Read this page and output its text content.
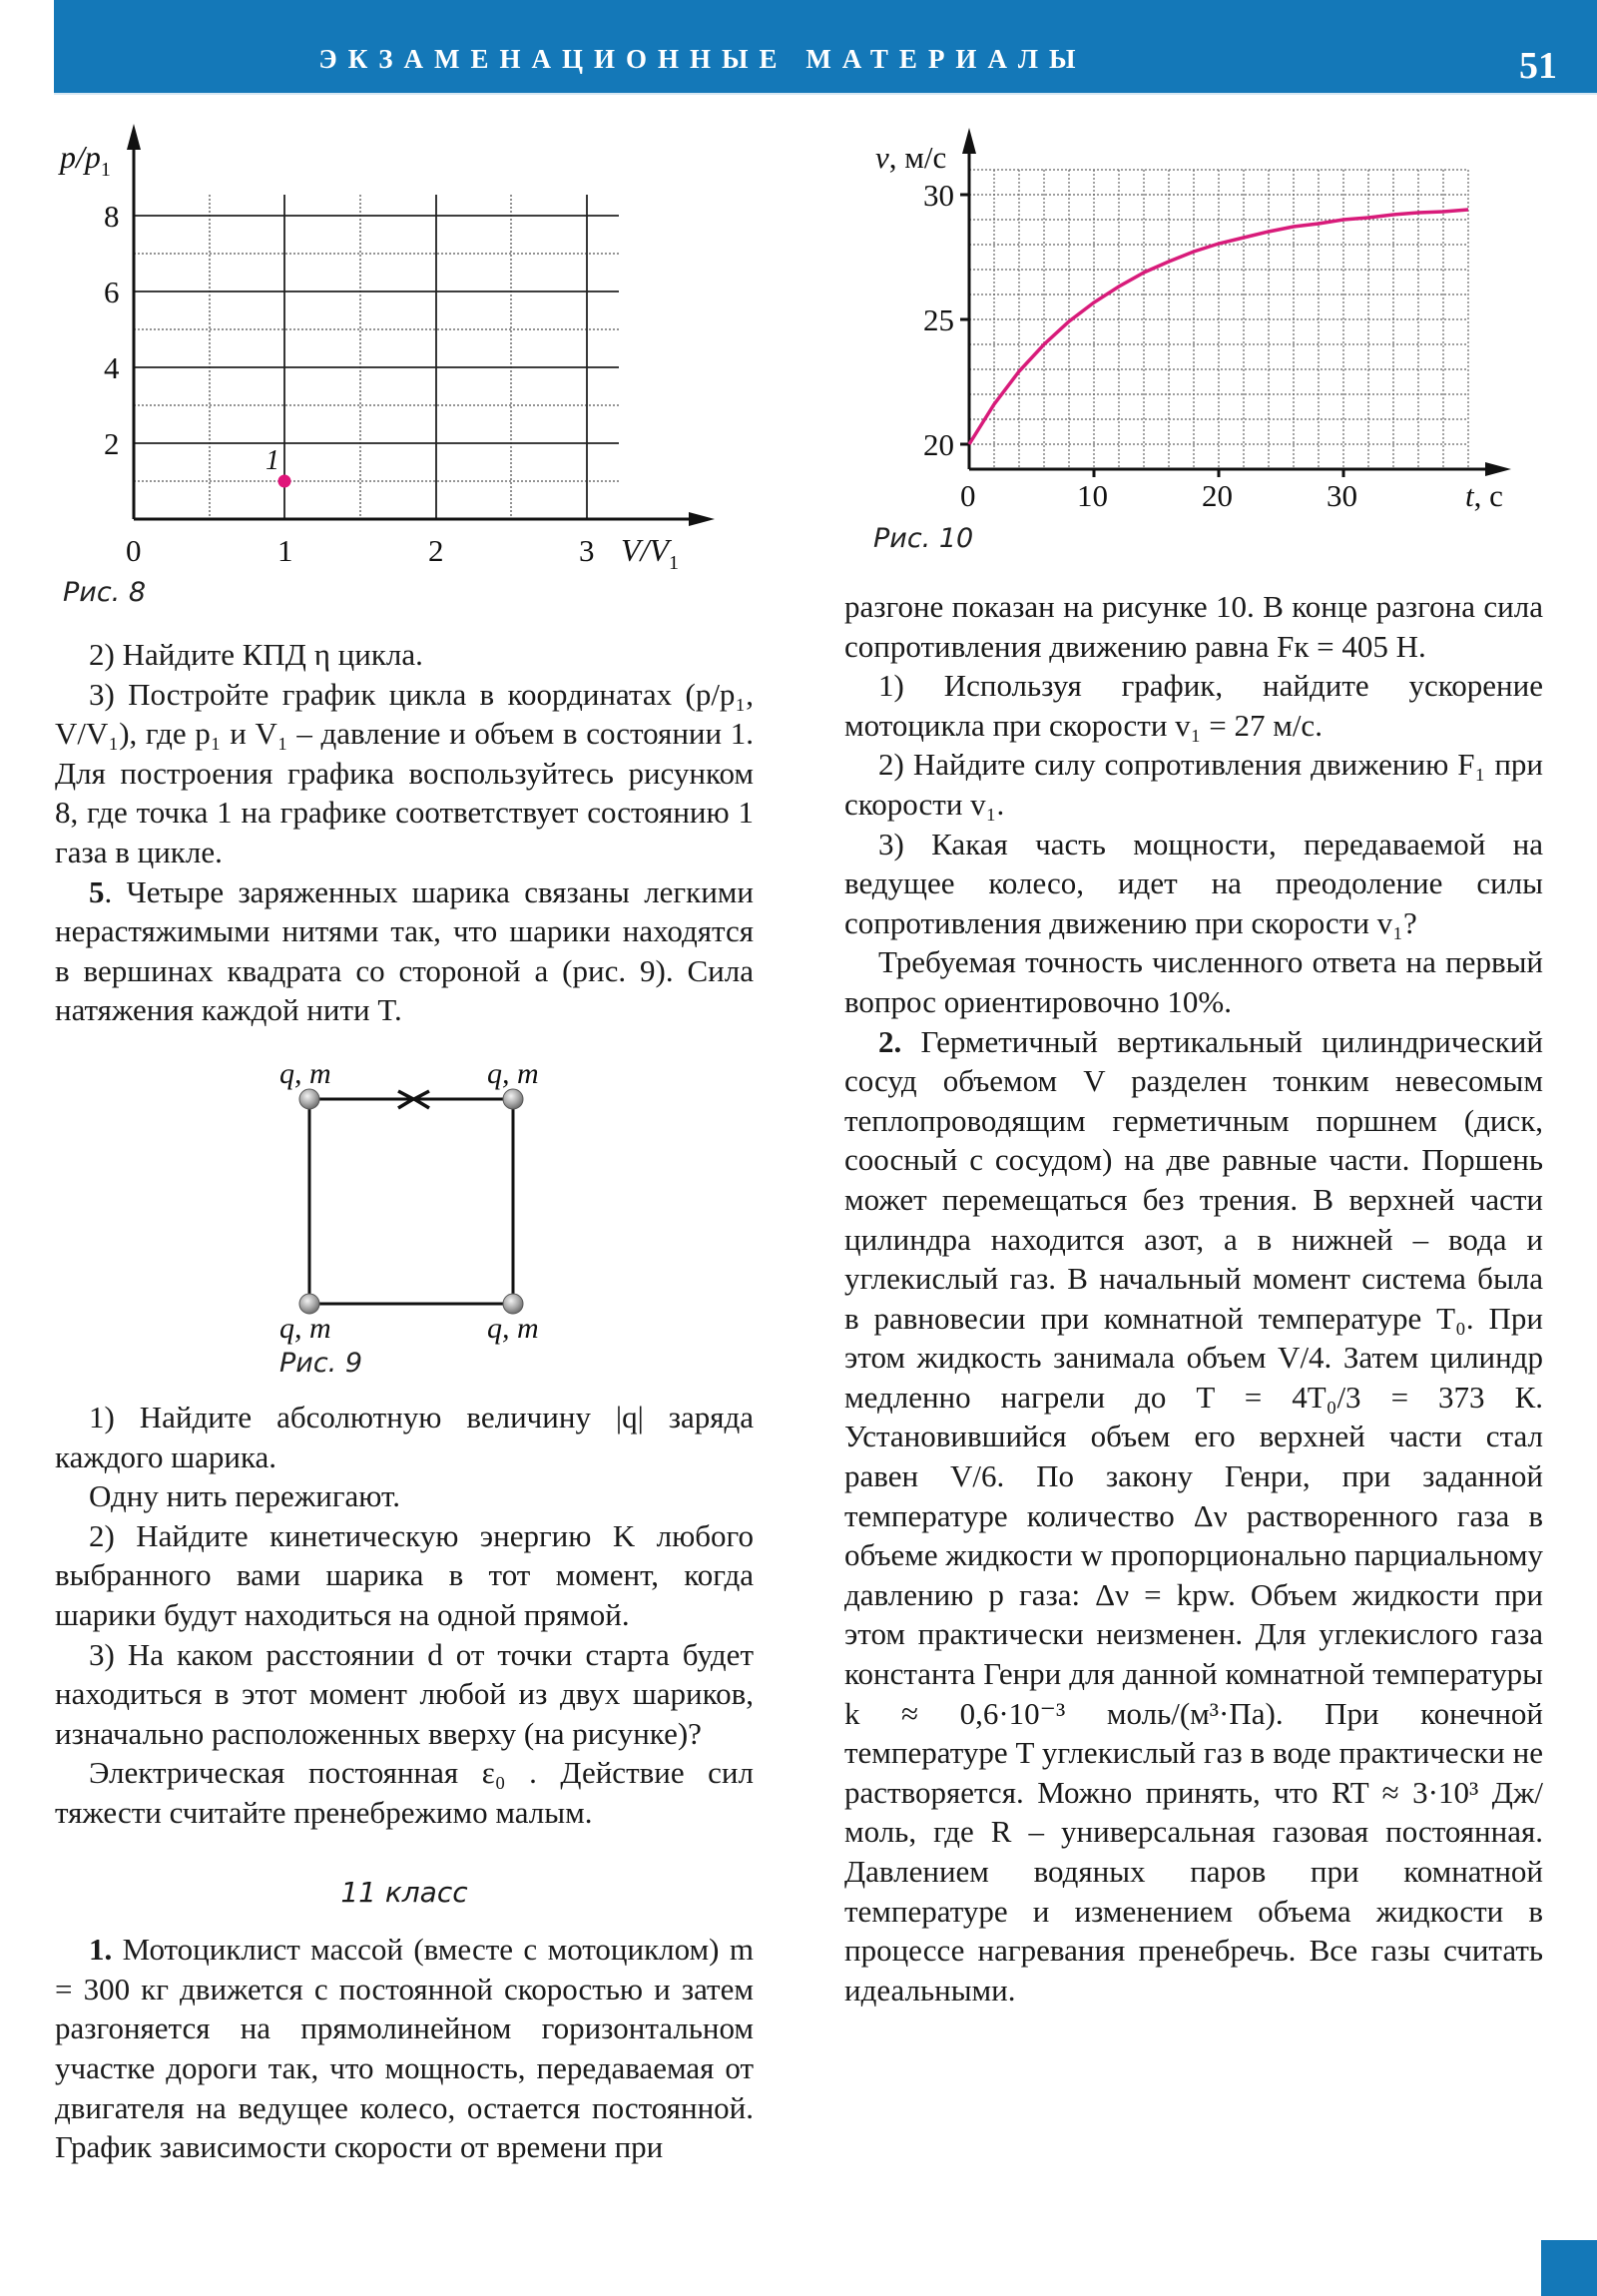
ЭКЗАМЕНАЦИОННЫЕ МАТЕРИАЛЫ	51
8
6
4
2
0	1	2	3
$p/p_1$
$V/V_1$
1
Рис. 8
30
25
20
0	10	20	30
v, м/с
t, с
Рис. 10

2) Найдите КПД η цикла.

3) Постройте график цикла в координатах (p/p₁, V/V₁), где p₁ и V₁ – давление и объем в состоянии 1. Для построения графика воспользуйтесь рисунком 8, где точка 1 на графике соответствует состоянию 1 газа в цикле.

5. Четыре заряженных шарика связаны легкими нерастяжимыми нитями так, что шарики находятся в вершинах квадрата со стороной a (рис. 9). Сила натяжения каждой нити T.

q, m	q, m
q, m	q, m
Рис. 9

1) Найдите абсолютную величину |q| заряда каждого шарика.

Одну нить пережигают.

2) Найдите кинетическую энергию K любого выбранного вами шарика в тот момент, когда шарики будут находиться на одной прямой.

3) На каком расстоянии d от точки старта будет находиться в этот момент любой из двух шариков, изначально расположенных вверху (на рисунке)?

Электрическая постоянная ε₀ . Действие сил тяжести считайте пренебрежимо малым.

11 класс

1. Мотоциклист массой (вместе с мотоциклом) m = 300 кг движется с постоянной скоростью и затем разгоняется на прямолинейном горизонтальном участке дороги так, что мощность, передаваемая от двигателя на ведущее колесо, остается постоянной. График зависимости скорости от времени при

разгоне показан на рисунке 10. В конце разгона сила сопротивления движению равна Fк = 405 Н.

1) Используя график, найдите ускорение мотоцикла при скорости v₁ = 27 м/с.

2) Найдите силу сопротивления движению F₁ при скорости v₁.

3) Какая часть мощности, передаваемой на ведущее колесо, идет на преодоление силы сопротивления движению при скорости v₁?

Требуемая точность численного ответа на первый вопрос ориентировочно 10%.

2. Герметичный вертикальный цилиндрический сосуд объемом V разделен тонким невесомым теплопроводящим герметичным поршнем (диск, соосный с сосудом) на две равные части. Поршень может перемещаться без трения. В верхней части цилиндра находится азот, а в нижней – вода и углекислый газ. В начальный момент система была в равновесии при комнатной температуре T₀. При этом жидкость занимала объем V/4. Затем цилиндр медленно нагрели до T = 4T₀/3 = 373 К. Установившийся объем его верхней части стал равен V/6. По закону Генри, при заданной температуре количество Δν растворенного газа в объеме жидкости w пропорционально парциальному давлению p газа: Δν = kpw. Объем жидкости при этом практически неизменен. Для углекислого газа константа Генри для данной комнатной температуры k ≈ 0,6·10⁻³ моль/(м³·Па). При конечной температуре T углекислый газ в воде практически не растворяется. Можно принять, что RT ≈ 3·10³ Дж/моль, где R – универсальная газовая постоянная. Давлением водяных паров при комнатной температуре и изменением объема жидкости в процессе нагревания пренебречь. Все газы считать идеальными.
